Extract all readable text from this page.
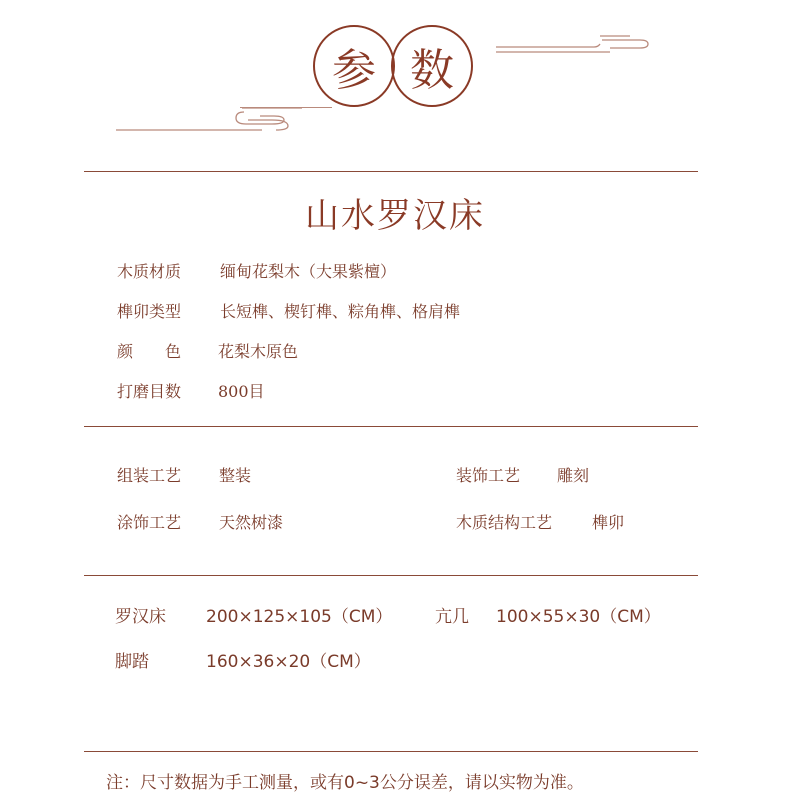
参 数
山水罗汉床
木质材质 缅甸花梨木（大果紫檀）
榫卯类型 长短榫、楔钉榫、粽角榫、格肩榫
颜　　色 花梨木原色
打磨目数 800目
组装工艺 整装	装饰工艺 雕刻
涂饰工艺 天然树漆	木质结构工艺 榫卯
罗汉床 200×125×105（CM）	亢几 100×55×30（CM）
脚踏	160×36×20（CM）
注：尺寸数据为手工测量，或有0~3公分误差，请以实物为准。
